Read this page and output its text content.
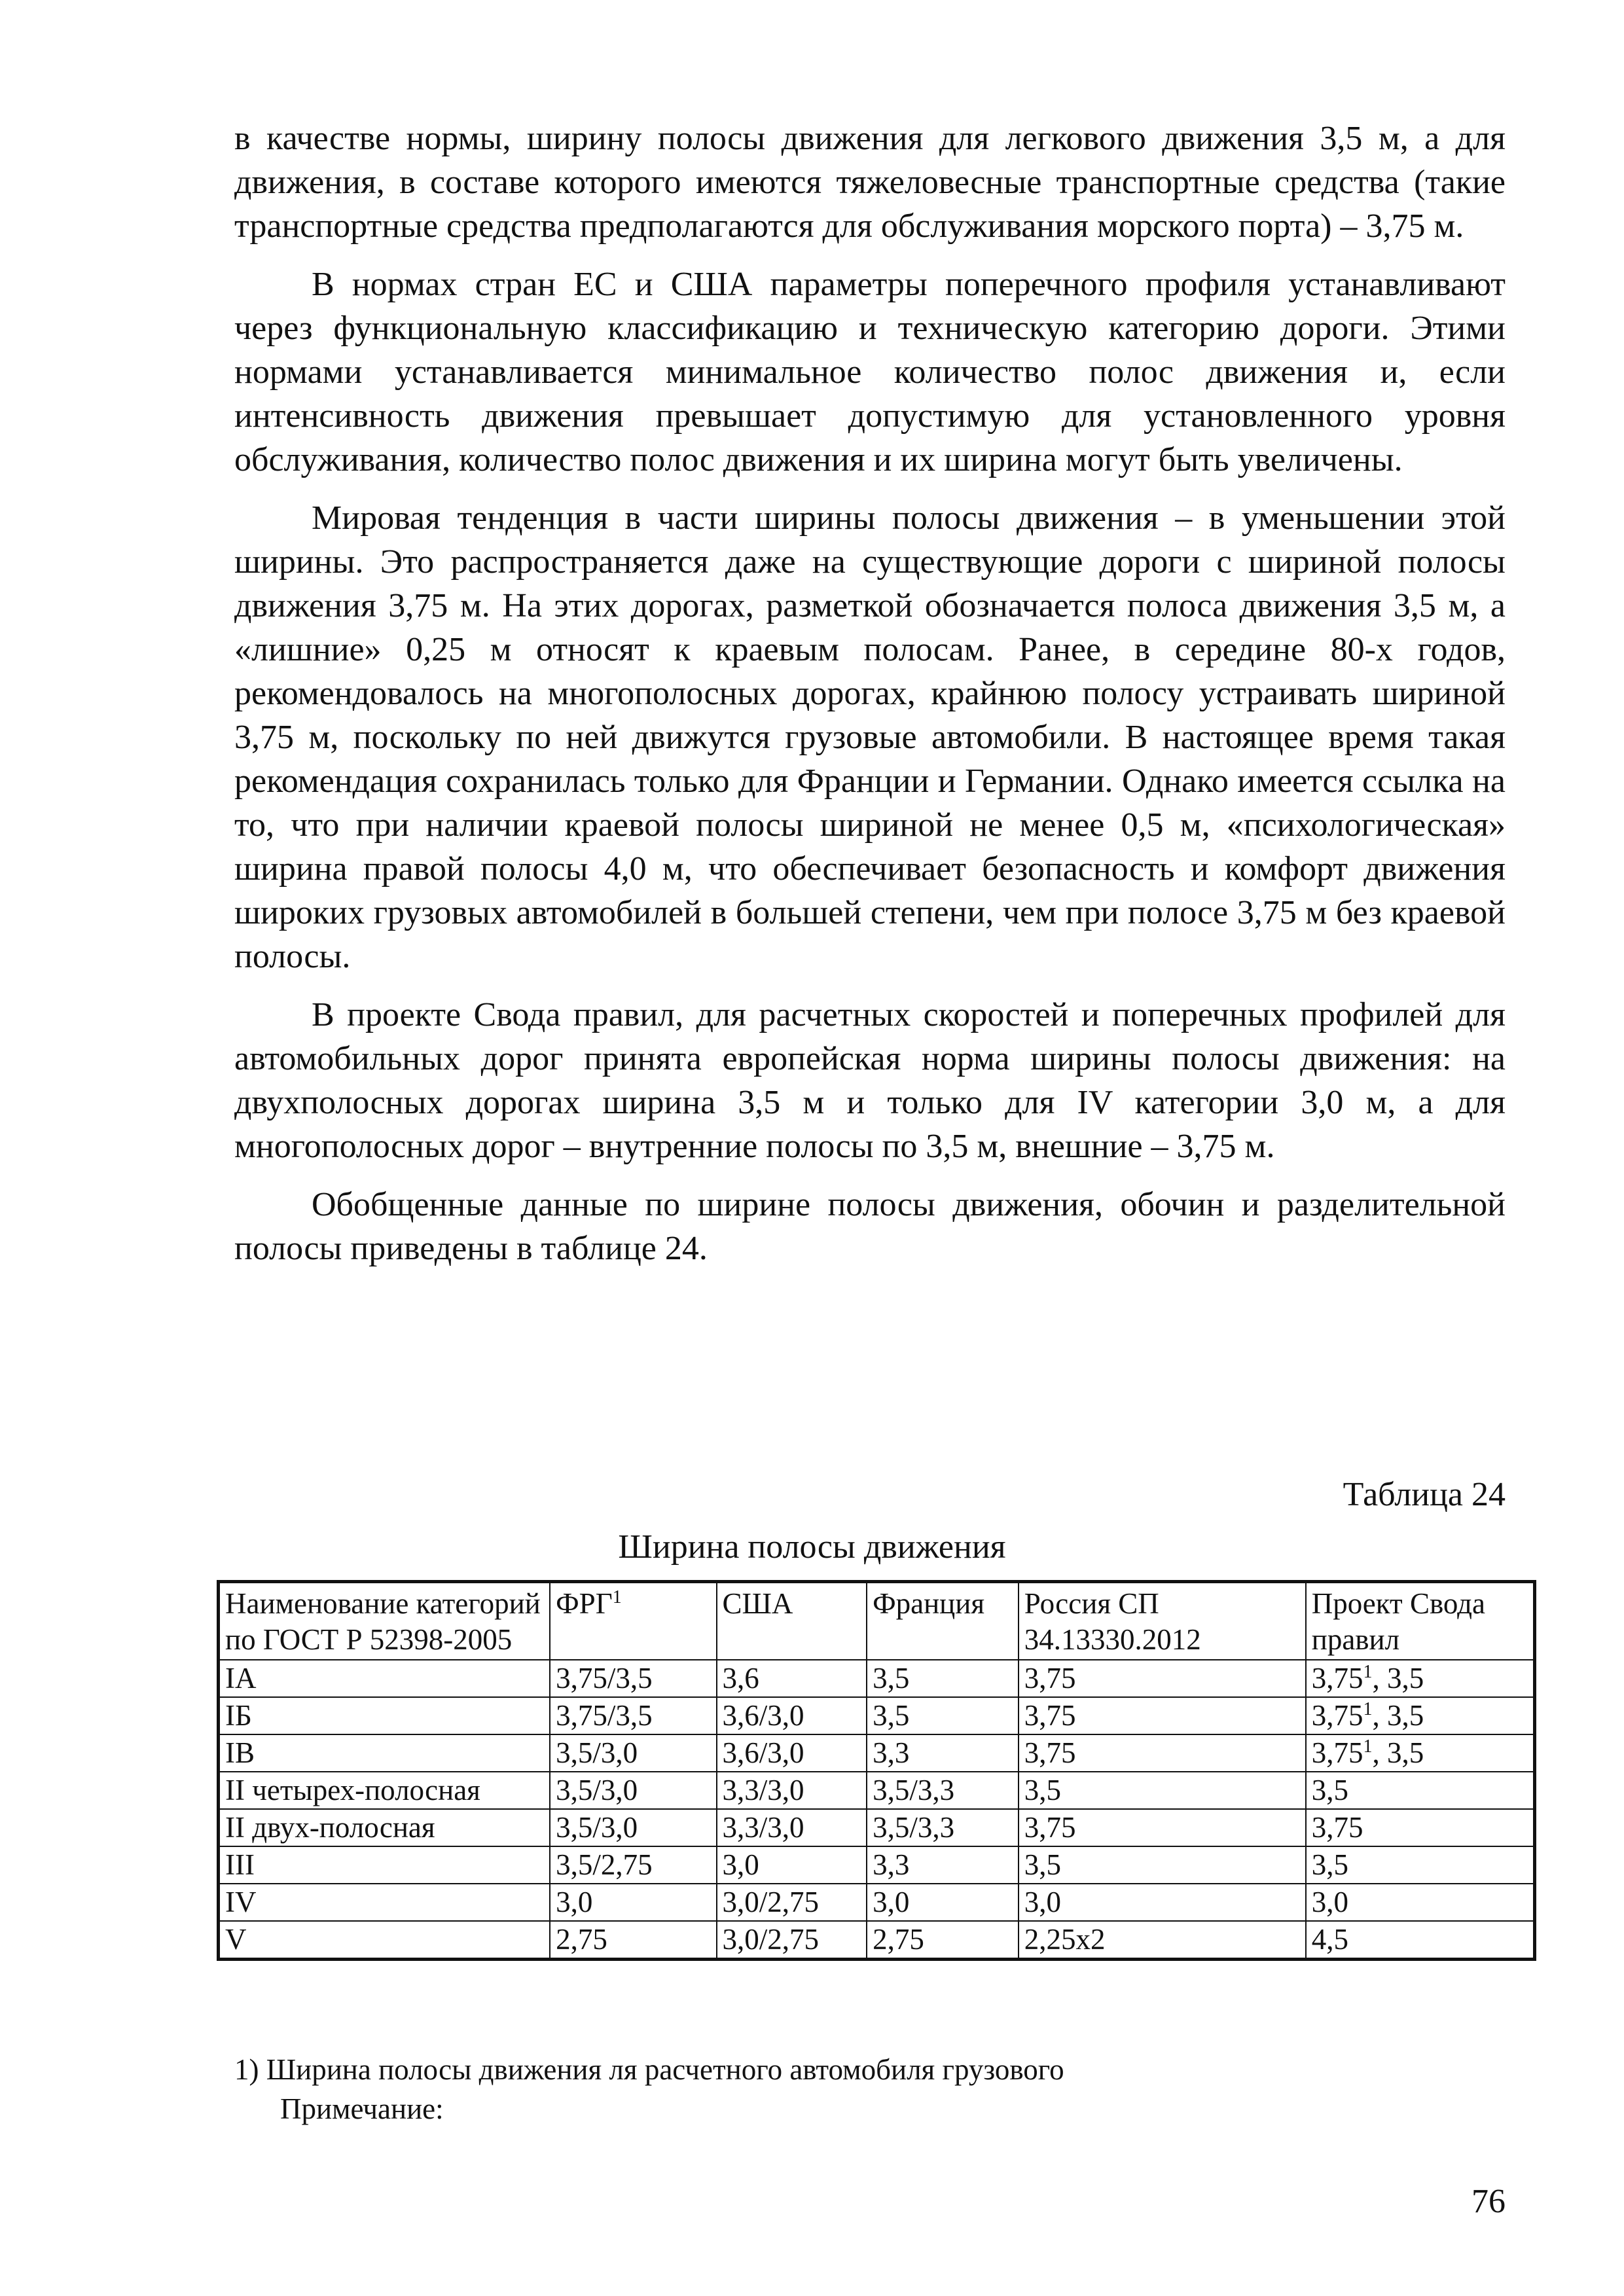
в качестве нормы, ширину полосы движения для легкового движения 3,5 м, а для движения, в составе которого имеются тяжеловесные транспортные средства (такие транспортные средства предполагаются для обслуживания морского порта) – 3,75 м.

В нормах стран ЕС и США параметры поперечного профиля устанавливают через функциональную классификацию и техническую категорию дороги. Этими нормами устанавливается минимальное количество полос движения и, если интенсивность движения превышает допустимую для установленного уровня обслуживания, количество полос движения и их ширина могут быть увеличены.

Мировая тенденция в части ширины полосы движения – в уменьшении этой ширины. Это распространяется даже на существующие дороги с шириной полосы движения 3,75 м. На этих дорогах, разметкой обозначается полоса движения 3,5 м, а «лишние» 0,25 м относят к краевым полосам. Ранее, в середине 80-х годов, рекомендовалось на многополосных дорогах, крайнюю полосу устраивать шириной 3,75 м, поскольку по ней движутся грузовые автомобили. В настоящее время такая рекомендация сохранилась только для Франции и Германии. Однако имеется ссылка на то, что при наличии краевой полосы шириной не менее 0,5 м, «психологическая» ширина правой полосы 4,0 м, что обеспечивает безопасность и комфорт движения широких грузовых автомобилей в большей степени, чем при полосе 3,75 м без краевой полосы.

В проекте Свода правил, для расчетных скоростей и поперечных профилей для автомобильных дорог принята европейская норма ширины полосы движения: на двухполосных дорогах ширина 3,5 м и только для IV категории 3,0 м, а для многополосных дорог – внутренние полосы по 3,5 м, внешние – 3,75 м.

Обобщенные данные по ширине полосы движения, обочин и разделительной полосы приведены в таблице 24.

Таблица 24
Ширина полосы движения
Наименование категорий по ГОСТ Р 52398-2005	ФРГ$^1$	США	Франция	Россия СП 34.13330.2012	Проект Свода правил
IA	3,75/3,5	3,6	3,5	3,75	3,75$^1$, 3,5
IБ	3,75/3,5	3,6/3,0	3,5	3,75	3,75$^1$, 3,5
IВ	3,5/3,0	3,6/3,0	3,3	3,75	3,75$^1$, 3,5
II четырех-полосная	3,5/3,0	3,3/3,0	3,5/3,3	3,5	3,5
II двух-полосная	3,5/3,0	3,3/3,0	3,5/3,3	3,75	3,75
III	3,5/2,75	3,0	3,3	3,5	3,5
IV	3,0	3,0/2,75	3,0	3,0	3,0
V	2,75	3,0/2,75	2,75	2,25х2	4,5
1) Ширина полосы движения ля расчетного автомобиля грузового
Примечание:
76
